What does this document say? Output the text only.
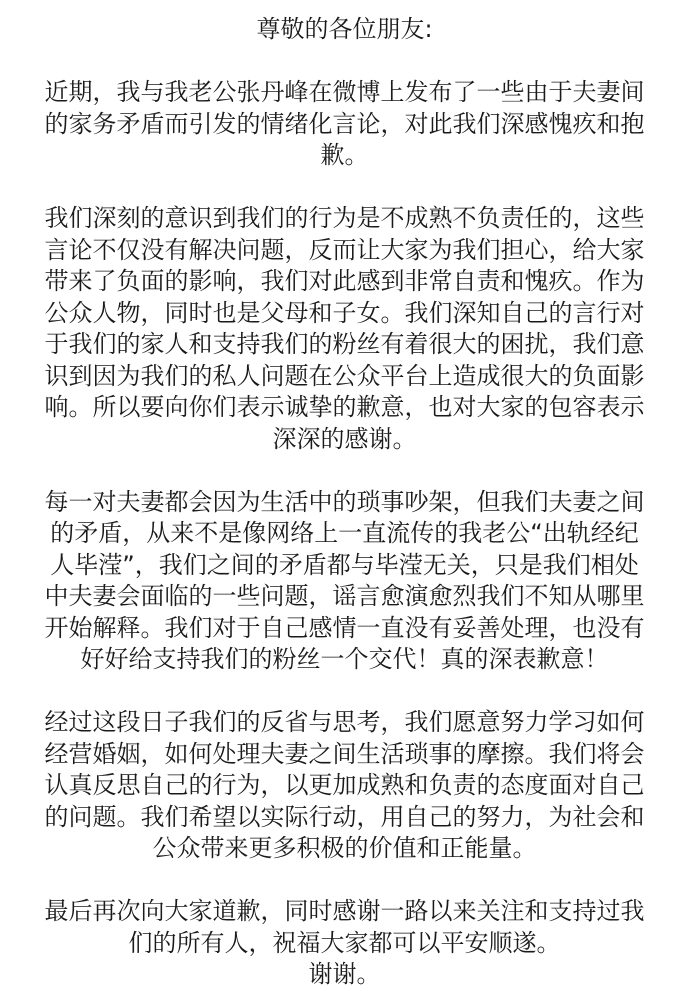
尊敬的各位朋友:
近期，我与我老公张丹峰在微博上发布了一些由于夫妻间
的家务矛盾而引发的情绪化言论，对此我们深感愧疚和抱
歉。
我们深刻的意识到我们的行为是不成熟不负责任的，这些
言论不仅没有解决问题，反而让大家为我们担心，给大家
带来了负面的影响，我们对此感到非常自责和愧疚。作为
公众人物，同时也是父母和子女。我们深知自己的言行对
于我们的家人和支持我们的粉丝有着很大的困扰，我们意
识到因为我们的私人问题在公众平台上造成很大的负面影
响。所以要向你们表示诚挚的歉意，也对大家的包容表示
深深的感谢。
每一对夫妻都会因为生活中的琐事吵架，但我们夫妻之间
的矛盾，从来不是像网络上一直流传的我老公“出轨经纪
人毕滢”，我们之间的矛盾都与毕滢无关，只是我们相处
中夫妻会面临的一些问题，谣言愈演愈烈我们不知从哪里
开始解释。我们对于自己感情一直没有妥善处理，也没有
好好给支持我们的粉丝一个交代！真的深表歉意！
经过这段日子我们的反省与思考，我们愿意努力学习如何
经营婚姻，如何处理夫妻之间生活琐事的摩擦。我们将会
认真反思自己的行为，以更加成熟和负责的态度面对自己
的问题。我们希望以实际行动，用自己的努力，为社会和
公众带来更多积极的价值和正能量。
最后再次向大家道歉，同时感谢一路以来关注和支持过我
们的所有人，祝福大家都可以平安顺遂。
谢谢。
